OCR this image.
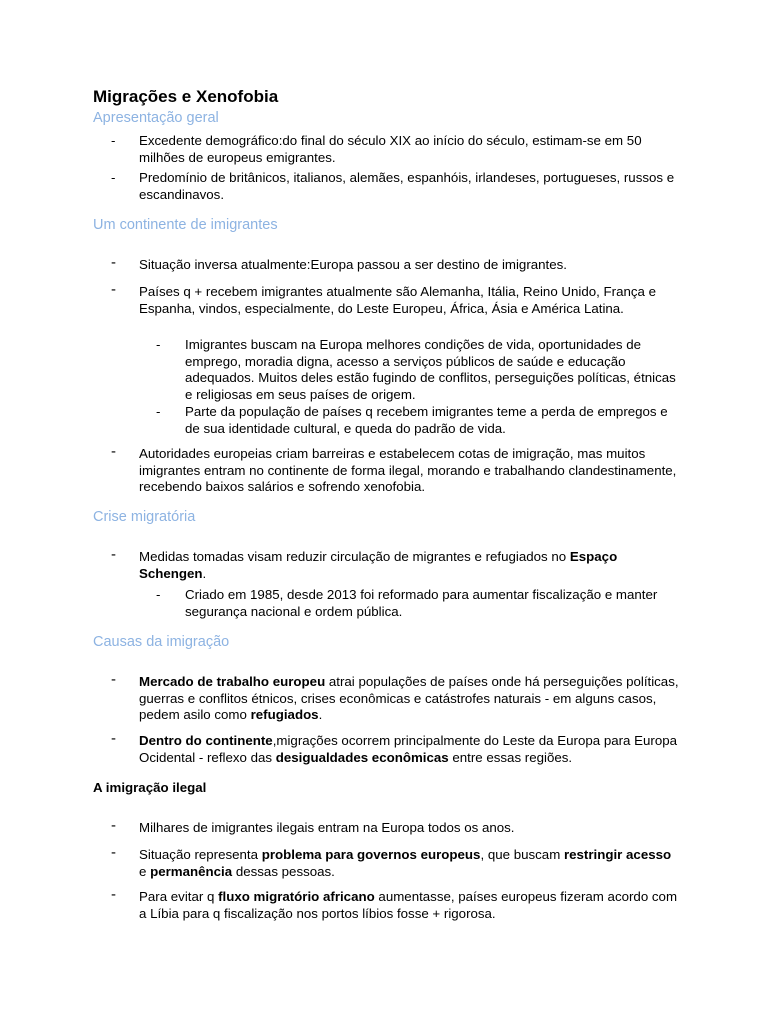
Migrações e Xenofobia
Apresentação geral

- Excedente demográfico:do final do século XIX ao início do século, estimam-se em 50 milhões de europeus emigrantes.

- Predomínio de britânicos, italianos, alemães, espanhóis, irlandeses, portugueses, russos e escandinavos.

Um continente de imigrantes

- Situação inversa atualmente:Europa passou a ser destino de imigrantes.

- Países q + recebem imigrantes atualmente são Alemanha, Itália, Reino Unido, França e Espanha, vindos, especialmente, do Leste Europeu, África, Ásia e América Latina.

- Imigrantes buscam na Europa melhores condições de vida, oportunidades de emprego, moradia digna, acesso a serviços públicos de saúde e educação adequados. Muitos deles estão fugindo de conflitos, perseguições políticas, étnicas e religiosas em seus países de origem.

- Parte da população de países q recebem imigrantes teme a perda de empregos e de sua identidade cultural, e queda do padrão de vida.

- Autoridades europeias criam barreiras e estabelecem cotas de imigração, mas muitos imigrantes entram no continente de forma ilegal, morando e trabalhando clandestinamente, recebendo baixos salários e sofrendo xenofobia.

Crise migratória

- Medidas tomadas visam reduzir circulação de migrantes e refugiados no Espaço Schengen.

- Criado em 1985, desde 2013 foi reformado para aumentar fiscalização e manter segurança nacional e ordem pública.

Causas da imigração

- Mercado de trabalho europeu atrai populações de países onde há perseguições políticas, guerras e conflitos étnicos, crises econômicas e catástrofes naturais - em alguns casos, pedem asilo como refugiados.

- Dentro do continente,migrações ocorrem principalmente do Leste da Europa para Europa Ocidental - reflexo das desigualdades econômicas entre essas regiões.

A imigração ilegal

- Milhares de imigrantes ilegais entram na Europa todos os anos.

- Situação representa problema para governos europeus, que buscam restringir acesso e permanência dessas pessoas.

- Para evitar q fluxo migratório africano aumentasse, países europeus fizeram acordo com a Líbia para q fiscalização nos portos líbios fosse + rigorosa.
